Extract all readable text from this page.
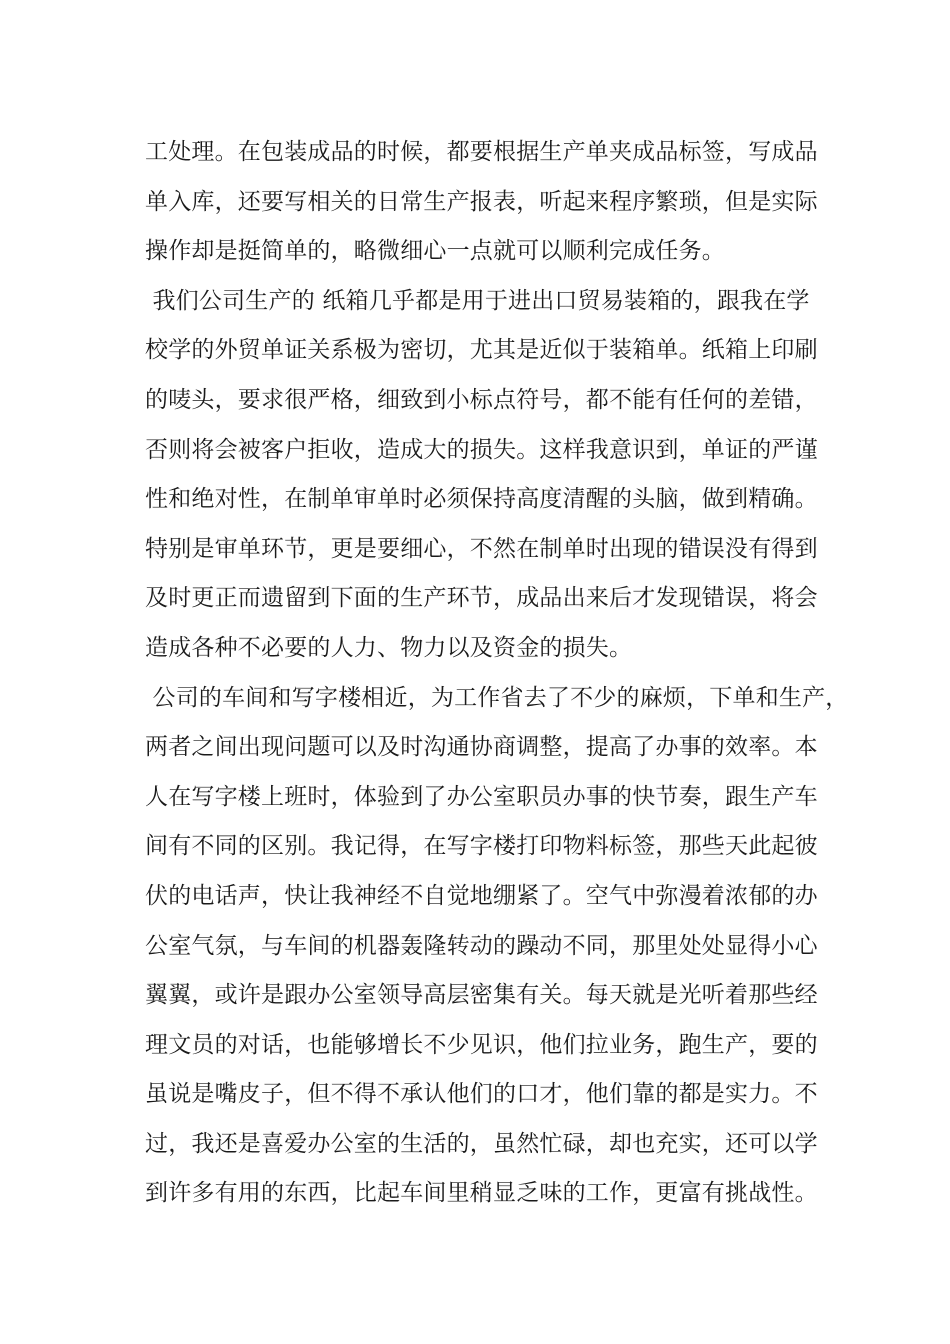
工处理。在包装成品的时候，都要根据生产单夹成品标签，写成品
单入库，还要写相关的日常生产报表，听起来程序繁琐，但是实际
操作却是挺简单的，略微细心一点就可以顺利完成任务。
我们公司生产的 纸箱几乎都是用于进出口贸易装箱的，跟我在学
校学的外贸单证关系极为密切，尤其是近似于装箱单。纸箱上印刷
的唛头，要求很严格，细致到小标点符号，都不能有任何的差错，
否则将会被客户拒收，造成大的损失。这样我意识到，单证的严谨
性和绝对性，在制单审单时必须保持高度清醒的头脑，做到精确。
特别是审单环节，更是要细心，不然在制单时出现的错误没有得到
及时更正而遗留到下面的生产环节，成品出来后才发现错误，将会
造成各种不必要的人力、物力以及资金的损失。
公司的车间和写字楼相近，为工作省去了不少的麻烦，下单和生产，
两者之间出现问题可以及时沟通协商调整，提高了办事的效率。本
人在写字楼上班时，体验到了办公室职员办事的快节奏，跟生产车
间有不同的区别。我记得，在写字楼打印物料标签，那些天此起彼
伏的电话声，快让我神经不自觉地绷紧了。空气中弥漫着浓郁的办
公室气氛，与车间的机器轰隆转动的躁动不同，那里处处显得小心
翼翼，或许是跟办公室领导高层密集有关。每天就是光听着那些经
理文员的对话，也能够增长不少见识，他们拉业务，跑生产，要的
虽说是嘴皮子，但不得不承认他们的口才，他们靠的都是实力。不
过，我还是喜爱办公室的生活的，虽然忙碌，却也充实，还可以学
到许多有用的东西，比起车间里稍显乏味的工作，更富有挑战性。
